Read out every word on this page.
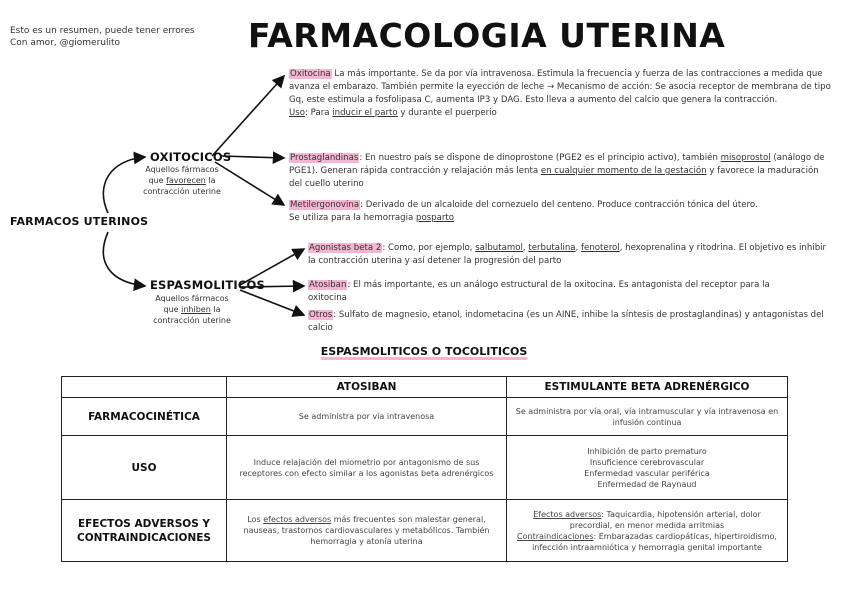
Esto es un resumen, puede tener errores
Con amor, @giomerulito	FARMACOLOGIA UTERINA
FARMACOS UTERINOS
OXITOCICOS
Aquellos fármacos
que favorecen la
contracción uterine
Oxitocina La más importante. Se da por vía intravenosa. Estimula la frecuencia y fuerza de las contracciones a medida que avanza el embarazo. También permite la eyección de leche → Mecanismo de acción: Se asocia receptor de membrana de tipo Gq, este estimula a fosfolipasa C, aumenta IP3 y DAG. Esto lleva a aumento del calcio que genera la contracción.
Uso: Para inducir el parto y durante el puerperio
Prostaglandinas: En nuestro país se dispone de dinoprostone (PGE2 es el principio activo), también misoprostol (análogo de PGE1). Generan rápida contracción y relajación más lenta en cualquier momento de la gestación y favorece la maduración del cuello uterino
Metilergonovina: Derivado de un alcaloide del cornezuelo del centeno. Produce contracción tónica del útero. Se utiliza para la hemorragia posparto
ESPASMOLITICOS
Aquellos fármacos
que inhiben la
contracción uterine
Agonistas beta 2: Como, por ejemplo, salbutamol, terbutalina, fenoterol, hexoprenalina y ritodrina. El objetivo es inhibir la contracción uterina y así detener la progresión del parto
Atosiban: El más importante, es un análogo estructural de la oxitocina. Es antagonista del receptor para la oxitocina
Otros: Sulfato de magnesio, etanol, indometacina (es un AINE, inhibe la síntesis de prostaglandinas) y antagonistas del calcio
ESPASMOLITICOS O TOCOLITICOS
	ATOSIBAN	ESTIMULANTE BETA ADRENÉRGICO
FARMACOCINÉTICA	Se administra por vía intravenosa	Se administra por vía oral, vía intramuscular y vía intravenosa en infusión continua
USO	Induce relajación del miometrio por antagonismo de sus receptores con efecto similar a los agonistas beta adrenérgicos	Inhibición de parto prematuro
Insuficience cerebrovascular
Enfermedad vascular periférica
Enfermedad de Raynaud

EFECTOS ADVERSOS Y CONTRAINDICACIONES	Los efectos adversos más frecuentes son malestar general, nauseas, trastornos cardiovasculares y metabólicos. También hemorragia y atonía uterina	Efectos adversos: Taquicardia, hipotensión arterial, dolor precordial, en menor medida arritmias
Contraindicaciones: Embarazadas cardiopáticas, hipertiroidismo, infección intraamniótica y hemorragia genital importante
